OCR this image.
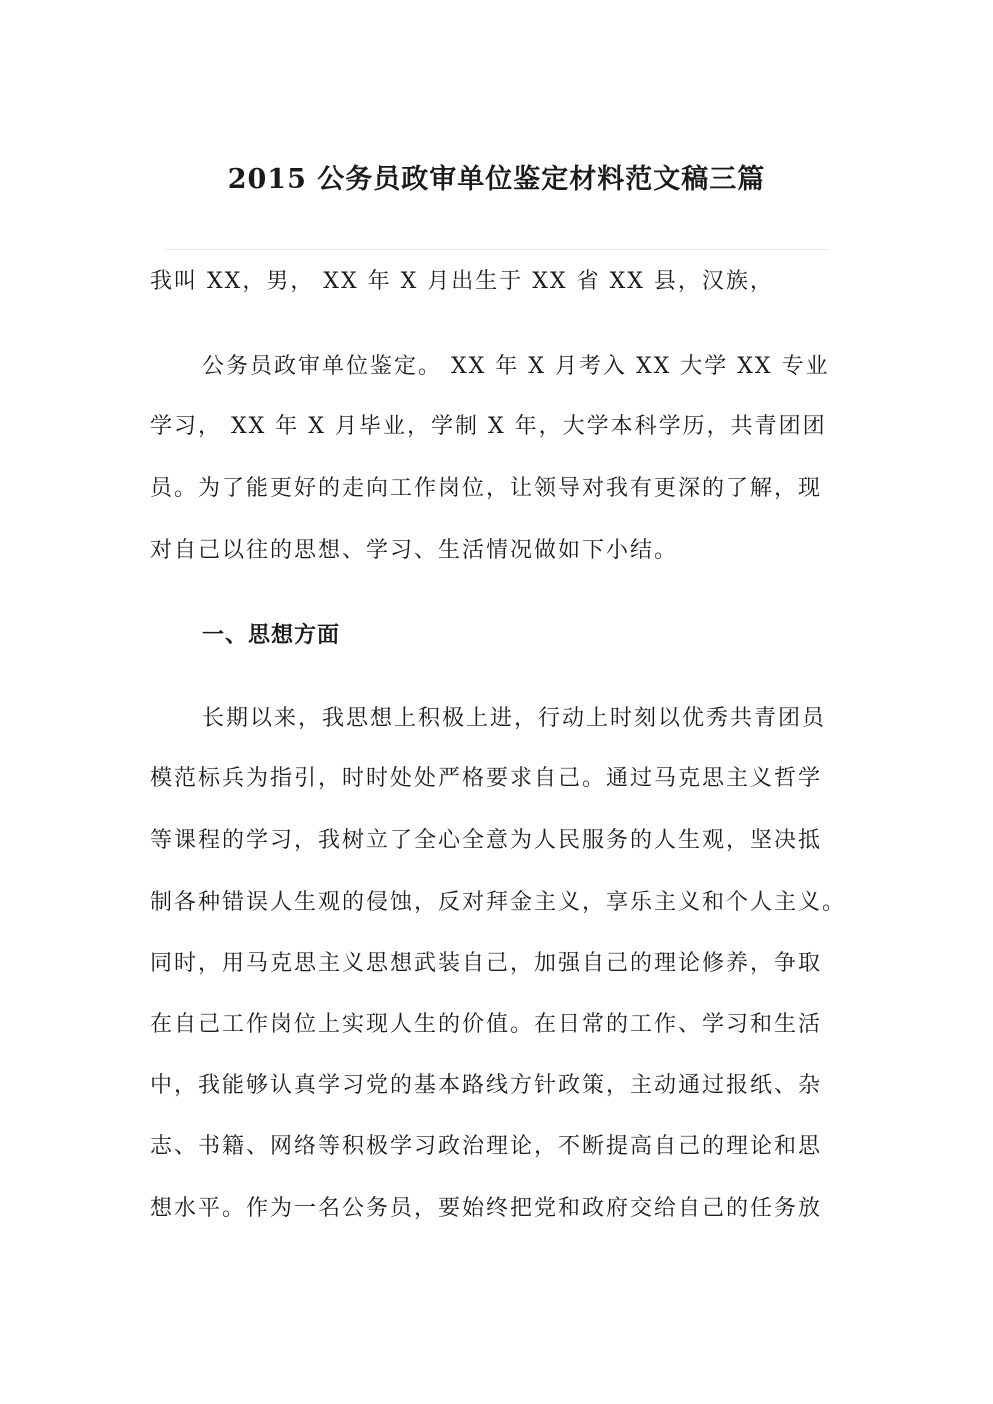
2015 公务员政审单位鉴定材料范文稿三篇

我叫 XX，男， XX 年 X 月出生于 XX 省 XX 县，汉族，

公务员政审单位鉴定。 XX 年 X 月考入 XX 大学 XX 专业

学习， XX 年 X 月毕业，学制 X 年，大学本科学历，共青团团

员。为了能更好的走向工作岗位，让领导对我有更深的了解，现

对自己以往的思想、学习、生活情况做如下小结。

一、思想方面

长期以来，我思想上积极上进，行动上时刻以优秀共青团员

模范标兵为指引，时时处处严格要求自己。通过马克思主义哲学

等课程的学习，我树立了全心全意为人民服务的人生观，坚决抵

制各种错误人生观的侵蚀，反对拜金主义，享乐主义和个人主义。

同时，用马克思主义思想武装自己，加强自己的理论修养，争取

在自己工作岗位上实现人生的价值。在日常的工作、学习和生活

中，我能够认真学习党的基本路线方针政策，主动通过报纸、杂

志、书籍、网络等积极学习政治理论，不断提高自己的理论和思

想水平。作为一名公务员，要始终把党和政府交给自己的任务放
